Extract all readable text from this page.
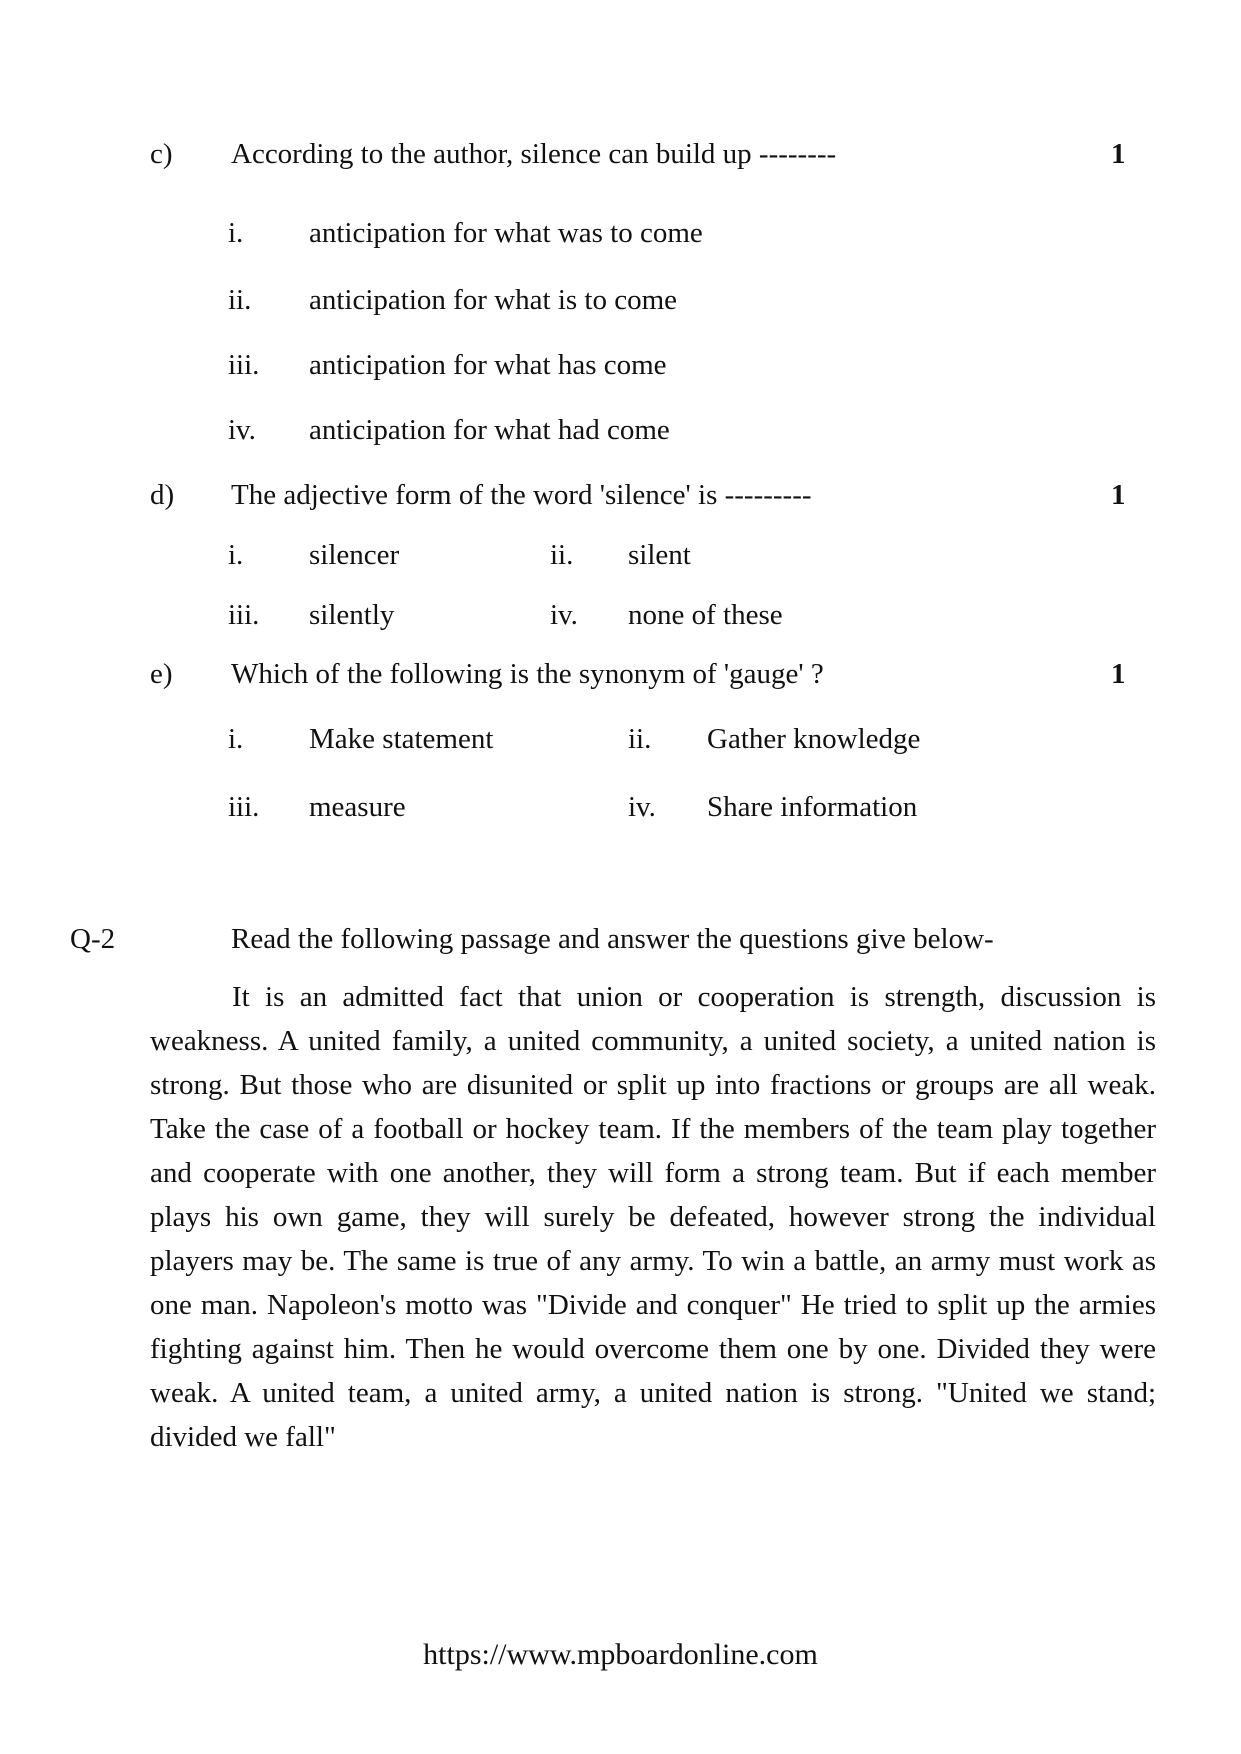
c) According to the author, silence can build up --------	1
i. anticipation for what was to come
ii. anticipation for what is to come
iii. anticipation for what has come
iv. anticipation for what had come
d) The adjective form of the word 'silence' is ---------	1
i. silencer	ii. silent
iii. silently	iv. none of these
e) Which of the following is the synonym of 'gauge' ?	1
i. Make statement	ii. Gather knowledge
iii. measure	iv. Share information
Q-2	Read the following passage and answer the questions give below-

It is an admitted fact that union or cooperation is strength, discussion is weakness. A united family, a united community, a united society, a united nation is strong. But those who are disunited or split up into fractions or groups are all weak. Take the case of a football or hockey team. If the members of the team play together and cooperate with one another, they will form a strong team. But if each member plays his own game, they will surely be defeated, however strong the individual players may be. The same is true of any army. To win a battle, an army must work as one man. Napoleon's motto was "Divide and conquer" He tried to split up the armies fighting against him. Then he would overcome them one by one. Divided they were weak. A united team, a united army, a united nation is strong. "United we stand; divided we fall"

https://www.mpboardonline.com
